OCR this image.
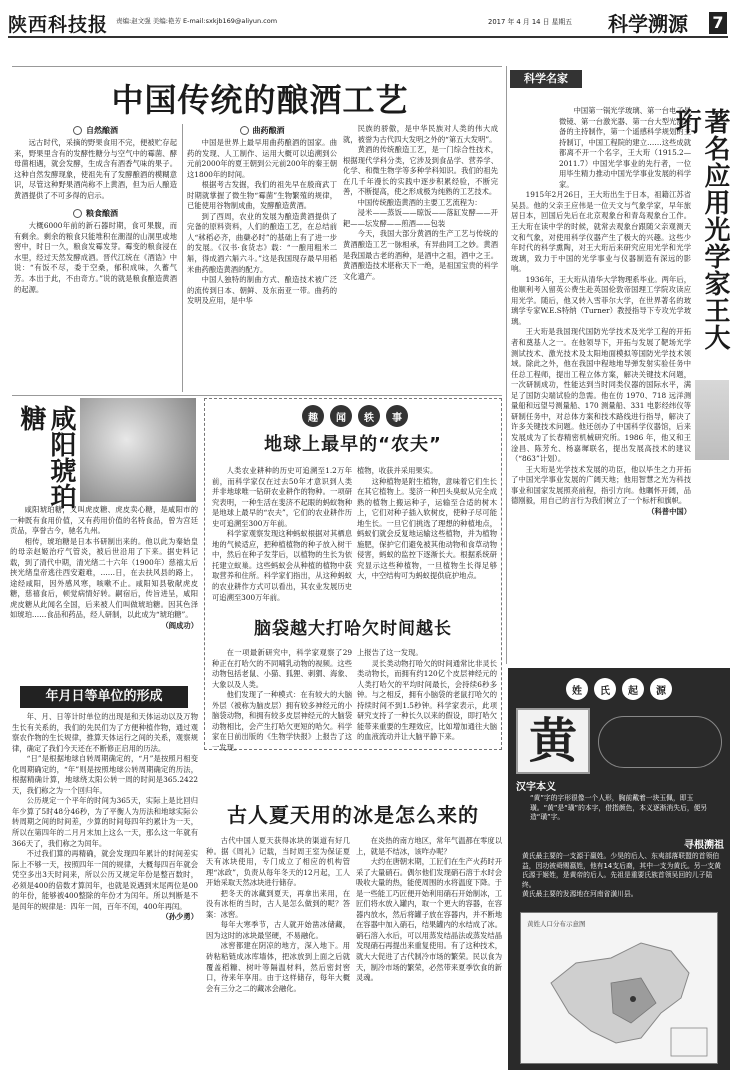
陕西科技报	责编:赵文强 美编:艳芳 E-mail:sxkjb169@aliyun.com	2017 年 4 月 14 日 星期五	科学溯源	7
中国传统的酿酒工艺
自然酿酒

远古时代，采摘的野果食用不完，便被贮存起来，野果里含有的发酵性糖分与空气中的霉菌、酵母菌相遇，就会发酵，生成含有酒香气味的果子。这种自然发酵现象，使祖先有了发酵酿酒的模糊意识，尽管这种野果酒尚称不上黄酒，但为后人酿造黄酒提供了不可多得的启示。

粮食酿酒

大概6000年前的新石器时期，食可果腹，而有剩余。剩余的粮食只能堆积在潮湿的山洞里或地窖中，时日一久，粮食发霉发芽。霉变的粮食浸在水里，经过天然发酵成酒。晋代江统在《酒诰》中说：“有饭不尽，委于空桑，郁积成味，久蓄气芳。本出于此，不由奇方。”说的就是粮食酿造黄酒的起源。

曲药酿酒

中国是世界上最早用曲药酿酒的国家。曲药的发现、人工制作、运用大概可以追溯到公元前2000年的夏王朝到公元前200年的秦王朝这1800年的时间。

根据考古发掘，我们的祖先早在殷商武丁时期就掌握了微生物“霉菌”生物繁殖的规律，已能使用谷物制成曲，发酵酿造黄酒。

到了西周，农业的发展为酿造黄酒提供了完备的原料资料，人们的酿造工艺，在总结前人“秫稻必齐，曲蘖必时”的基础上有了进一步的发展。《汉书·食货志》载：“一酿用粗米二斛，得成酒六斛六斗。”这是我国现存最早用稻米曲药酿造黄酒的配方。

中国人独特的制曲方式、酿造技术被广泛的流传到日本、朝鲜、及东南亚一带。曲药的发明及应用，是中华

民族的骄傲，是中华民族对人类的伟大成就，被誉为古代四大发明之外的“第五大发明”。

黄酒的传统酿造工艺，是一门综合性技术，根据现代学科分类，它涉及到食品学、营养学、化学、和微生物学等多种学科知识。我们的祖先在几千年漫长的实践中逐步积累经验，不断完善，不断提高，使之形成极为纯熟的工艺技术。

中国传统酿造黄酒的主要工艺流程为：

浸米——蒸饭——晾饭——落缸发酵——开耙——坛发酵——煎酒——包装

今天，我国大部分黄酒的生产工艺与传统的黄酒酿造工艺一脉相承，有异曲同工之妙。黄酒是我国最古老的酒种，是酒中之祖，酒中之王。黄酒酿造技术堪称天下一绝，是祖国宝贵的科学文化遗产。

科学名家
著名应用光学家王大珩

中国第一锅光学玻璃、第一台电子显微镜、第一台激光器、第一台大型光测设备的主持制作，第一个遥感科学规划的主持制订，中国工程院的建立……这些成就都离不开一个名字，王大珩（1915.2—2011.7）中国光学事业的先行者，一位用毕生精力推动中国光学事业发展的科学家。

1915年2月26日，王大珩出生于日本，祖籍江苏省吴县。他的父亲王应伟是一位天文与气象学家，早年旅居日本，回国后先后在北京观象台和青岛观象台工作。王大珩在读中学的时候，就常去观象台跟随父亲观测天文和气象，对使用科学仪器产生了极大的兴趣。这些少年时代的科学熏陶，对王大珩后来研究应用光学和光学玻璃，致力于中国的光学事业与仪器制造有深远的影响。

1936年，王大珩从清华大学物理系毕业。两年后，他顺利考入留英公费生赴英国伦敦帝国理工学院攻读应用光学。随后，他又转入雪菲尔大学，在世界著名的玻璃学专家W.E.S特纳（Turner）教授指导下专攻光学玻璃。

王大珩是我国现代国防光学技术及光学工程的开拓者和奠基人之一。在他领导下，开拓与发展了靶场光学测试技术、激光技术及太阳地面模拟等国防光学技术领域。除此之外，他在我国中程地地导弹发射实验任务中任总工程师，提出工程立体方案，解决关键技术问题，一次研制成功，性能达到当时同类仪器的国际水平，满足了国防尖端试验的急需。他在仿 1970、718 远洋测量船和远望号测量船、170 测量船、331 电影经纬仪等研制任务中，对总体方案和技术路线进行指导，解决了许多关键技术问题。他还创办了中国科学仪器馆，后来发展成为了长春精密机械研究所。1986 年，他又和王淦昌、陈芳允、杨嘉墀联名，提出发展高技术的建议（“863”计划）。

王大珩是光学技术发展的功臣，他以毕生之力开拓了中国光学事业发展的广阔天地；他用智慧之光为科技事业和国家发展照亮前程，指引方向。他瞩怀开阔，品德刚毅，用自己的言行为我们树立了一个标杆和旗帜。

（科普中国）
咸阳琥珀糖

咸阳琥珀糖，又叫虎皮糖、虎皮卖心糖，是咸阳市的一种既有食用价值，又有药用价值的名特食品，曾为宫廷贡品，享誉古今，驰名九州。

相传，琥珀糖是日本书研制出来的。他以此为秦始皇的母亲赵姬治疗气管炎，被后世沿用了下来。据史料记载，到了清代中期，清光绪二十六年（1900年）慈禧太后挟光绪皇帝逃往西安避难，……日，在去扶风县的路上，途经咸阳，因外感风寒，咳嗽不止。咸阳知县敬献虎皮糖，慈禧食后，顿觉病情好转。嗣宿后，传旨进呈，咸阳虎皮糖从此闻名全国，后来被人们叫做琥珀糖。因其色泽如琥珀……食品和药品，经人研制，以此成为“琥珀糖”。

（阎成功）
趣	闻	轶	事
地球上最早的“农夫”

人类农业耕种的历史可追溯至1.2万年前，而科学家仅在过去50年才意识到人类并非地球唯一钻研农业耕作的物种。一项研究表明，一种生活在斐济不起眼的蚂蚁物种是地球上最早的“农夫”，它们的农业耕作历史可追溯至300万年前。

科学家观察发现这种蚂蚁根据对其栖息地的气候适应，把种植植物的种子放入树干中，然后在种子发芽后，以植物的生长为依托建立蚁巢。这些蚂蚁会从种植的植物中获取营养和住所。科学家们指出，从这种蚂蚁的农业耕作方式可以看出，其农业发展历史可追溯至300万年前。

植物，收获并采用果实。

这种植物是附生植物，意味着它们生长在其它植物上。斐济一种凹头臭蚁从完全成熟的植物上搬运种子，运输至合适的树木上，它们对种子插入软树皮，使种子尽可能地生长。一旦它们挑选了理想的种植地点，蚂蚁们就会反复地运输这些植物，并为植物施肥，保护它们避免被其他动物和食草动物侵害，蚂蚁的监控下逐渐长大。根据系统研究显示这些种植物，一旦植物生长得足够大，中空结构可为蚂蚁提供庇护地点。

脑袋越大打哈欠时间越长

在一项最新研究中，科学家观察了29种正在打哈欠的不同哺乳动物的视频。这些动物包括老鼠、小猫、狐狸、刺猬、海象、大象以及人类。

他们发现了一种模式：在有较大的大脑外层（被称为脑皮层）拥有较多神经元的小脑袋动物，和拥有较多皮层神经元的大脑袋动物相比，会产生打哈欠更短的哈欠。科学家在日前出版的《生物学快报》上报告了这一发现。

上报告了这一发现。

灵长类动物打哈欠的时间通常比非灵长类动物长，而拥有约120亿个皮层神经元的人类打哈欠的平均时间最长，会持续6秒多钟。与之相反，拥有小脑袋的老鼠打哈欠的持续时间不到1.5秒钟。科学家表示，此项研究支持了一种长久以来的假设，即打哈欠能带来重要的生理效应，比如增加通往大脑的血液流动并让大脑平静下来。

年月日等单位的形成

年、月、日等计时单位的出现是和天体运动以及万物生长有关系的，我们的先民们为了方便种植作物，通过观察农作物的生长规律，推算天体运行之间的关系，观察规律，确定了我们今天还在不断修正启用的历法。

“日”是根据地球自转周期确定的，“月”是按照月相变化周期确定的，“年”则是按照地球公转周期确定的历法，根据精确计算，地球绕太阳公转一周的时间是365.2422天，我们称之为一个回归年。

公历规定一个平年的时间为365天，实际上是比回归年少算了5时48分46秒，为了平衡人为历法和地球实际公转周期之间的时间差，少算的时间每四年约累计为一天，所以在第四年的二月月末加上这么一天，那么这一年就有366天了，我们称之为闰年。

不过我们算的再精确，就会发现四年累计的时间差实际上不够一天，按照四年一闰的规律，大概每四百年就会凭空多出3天时间来，所以公历又规定年份是整百数时，必须是400的倍数才算闰年，也就是说遇到末尾两位是00的年份，能够被400整除的年份才为闰年。所以判断是不是闰年的规律是：四年一闰，百年不闰，400年再闰。

（孙少勇）
古人夏天用的冰是怎么来的

古代中国人夏天获得冰块的渠道有好几种。据《周礼》记载，当时周王室为保证夏天有冰块使用，专门成立了相应的机构管理“冰政”，负责从每年冬天的12月起，工人开始采取天然冰块进行储存。

把冬天的冰藏到夏天，再拿出来用，在没有冰柜的当时，古人是怎么做到的呢？答案：冰窖。

每年大寒季节，古人就开始凿冰储藏，因为这时的冰块最坚硬，不易融化。

冰窖都建在阴凉的地方，深入地下。用砖粘粘链成冰库墙体，把冰放到上面之后就覆盖稻糠、树叶等隔温材料，然后密封窖口，待来年享用。由于这样储存，每年大概会有三分之二的藏冰会融化。

在炎热的南方地区，常年气温都在零度以上，就是不结冰，该咋办呢？

大约在唐朝末期，工匠们在生产火药时开采了大量硝石。偶尔他们发现硝石溶于水时会吸收大量的热，能使周围的水将温度下降。于是一些能工巧匠便开始利用硝石开始制冰，工匠们将水放入罐内，取一个更大的容器，在容器内放水，然后将罐子放在容器内，并不断地在容器中加入硝石，结果罐内的水结成了冰。硝石溶入水后，可以用蒸发结晶法或蒸发结晶发现硝石再提出来重复使用。有了这种技术，就大大促进了古代制冷市场的繁荣。民以食为天，制冷市场的繁荣，必然带来夏季饮食的新灵魂。

姓	氏	起	源
黄
汉字本义
“黄”字的字形很像一个人形，胸前戴着一块玉佩，即玉璜。“黄”是“璜”的本字，借指颜色，本义逐渐消失后，便另造“璜”字。
寻根溯祖
黄氏最主要的一支源于嬴姓。少昊的后人、东夷部落联盟的首领伯益，因功被舜赐嬴姓，他有14支后裔，其中一支为黄氏。另一支黄氏源于姬姓，是黄帝的后人。先祖是重要氏族首领吴回的儿子陆终。
黄氏最主要的发源地在河南省潢川县。
黄姓人口分布示意图
